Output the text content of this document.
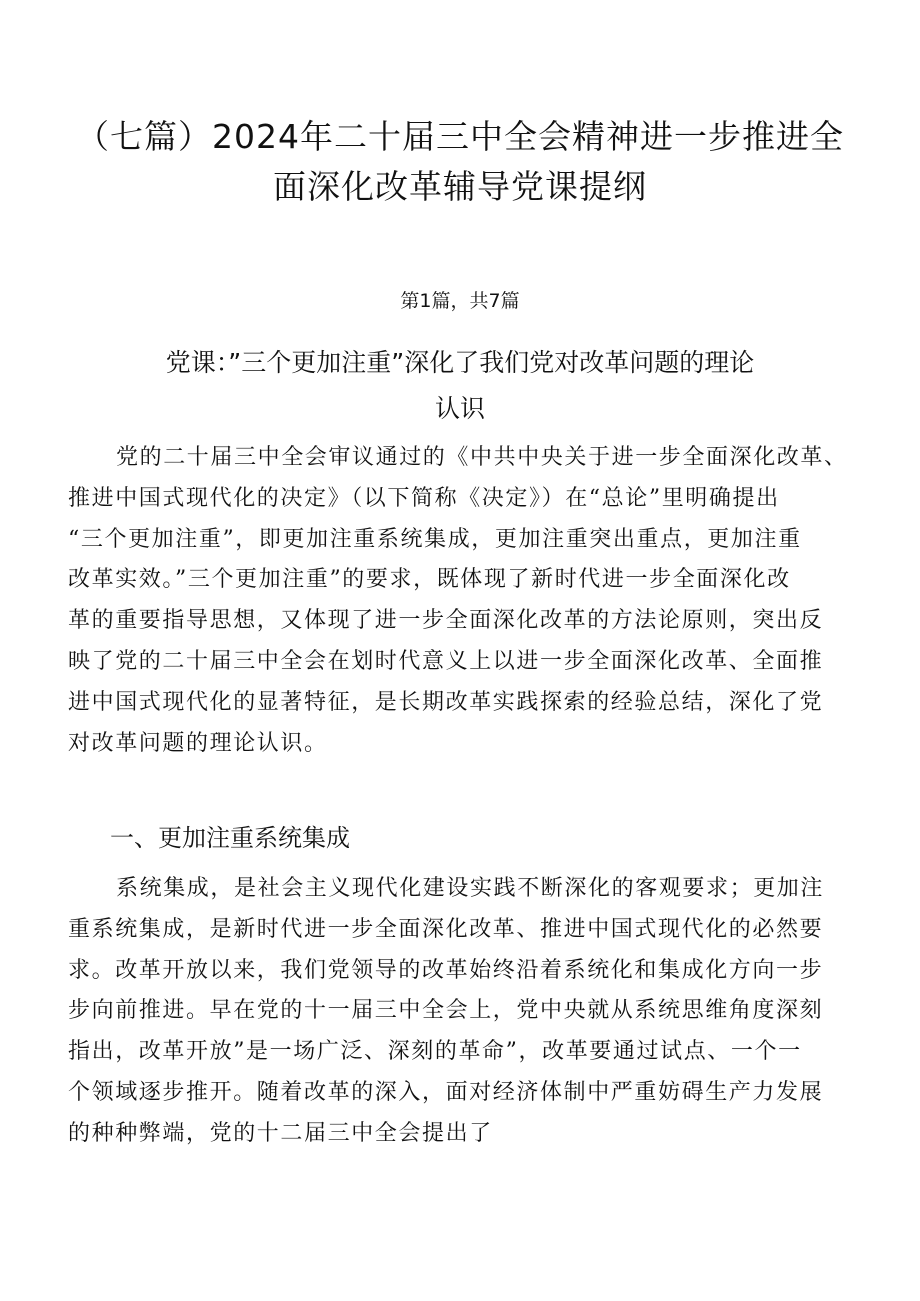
（七篇）2024年二十届三中全会精神进一步推进全
面深化改革辅导党课提纲

第1篇，共7篇

党课：”三个更加注重”深化了我们党对改革问题的理论
认识
党的二十届三中全会审议通过的《中共中央关于进一步全面深化改革、
推进中国式现代化的决定》（以下简称《决定》）在“总论”里明确提出
“三个更加注重”，即更加注重系统集成，更加注重突出重点，更加注重
改革实效。”三个更加注重”的要求，既体现了新时代进一步全面深化改
革的重要指导思想，又体现了进一步全面深化改革的方法论原则，突出反
映了党的二十届三中全会在划时代意义上以进一步全面深化改革、全面推
进中国式现代化的显著特征，是长期改革实践探索的经验总结，深化了党
对改革问题的理论认识。
一、更加注重系统集成
系统集成，是社会主义现代化建设实践不断深化的客观要求；更加注
重系统集成，是新时代进一步全面深化改革、推进中国式现代化的必然要
求。改革开放以来，我们党领导的改革始终沿着系统化和集成化方向一步
步向前推进。早在党的十一届三中全会上，党中央就从系统思维角度深刻
指出，改革开放”是一场广泛、深刻的革命”，改革要通过试点、一个一
个领域逐步推开。随着改革的深入，面对经济体制中严重妨碍生产力发展
的种种弊端，党的十二届三中全会提出了
